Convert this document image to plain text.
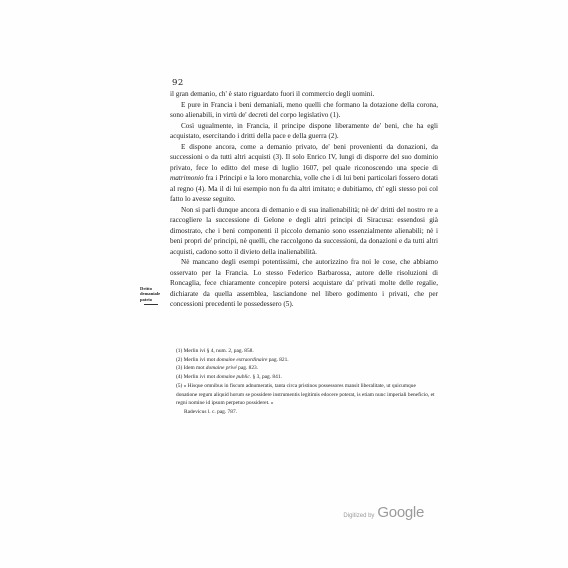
92

il gran demanio, ch' è stato riguardato fuori il commercio degli uomini.

E pure in Francia i beni demaniali, meno quelli che formano la dotazione della corona, sono alienabili, in virtù de' decreti del corpo legislativo (1).

Così ugualmente, in Francia, il principe dispone liberamente de' beni, che ha egli acquistato, esercitando i dritti della pace e della guerra (2).

E dispone ancora, come a demanio privato, de' beni provenienti da donazioni, da successioni o da tutti altri acquisti (3). Il solo Enrico IV, lungi di disporre del suo dominio privato, fece lo editto del mese di luglio 1607, pel quale riconoscendo una specie di matrimonio fra i Principi e la loro monarchia, volle che i di lui beni particolari fossero dotati al regno (4). Ma il di lui esempio non fu da altri imitato; e dubitiamo, ch' egli stesso poi col fatto lo avesse seguito.

Non si parli dunque ancora di demanio e di sua inalienabilità; nè de' dritti del nostro re a raccogliere la successione di Gelone e degli altri principi di Siracusa: essendosi già dimostrato, che i beni componenti il piccolo demanio sono essenzialmente alienabili; nè i beni propri de' principi, nè quelli, che raccolgono da successioni, da donazioni e da tutti altri acquisti, cadono sotto il divieto della inalienabilità.

Nè mancano degli esempi potentissimi, che autorizzino fra noi le cose, che abbiamo osservato per la Francia. Lo stesso Federico Barbarossa, autore delle risoluzioni di Roncaglia, fece chiaramente concepire potersi acquistare da' privati molte delle regalie, dichiarate da quella assemblea, lasciandone nel libero godimento i privati, che per concessioni precedenti le possedessero (5).

Dritto demaniale patrio
(1) Merlin ivi § 4, num. 2, pag. 858.
(2) Merlin ivi mot domaine extraordinaire pag. 821.
(3) Idem mot domaine privé pag. 823.
(4) Merlin ivi mot domaine public. § 3, pag. 841.
(5) « Hisque omnibus in fiscum adnumeratis, tanta circa pristinos possessores mansit liberalitate, ut quicumque donatione regum aliquid horum se possidere instrumentis legitimis edocere poterat, is etiam nunc imperiali beneficio, et regni nomine id ipsum perpetuo possideret. »
Radevicus l. c. pag. 787.
Digitized by Google
